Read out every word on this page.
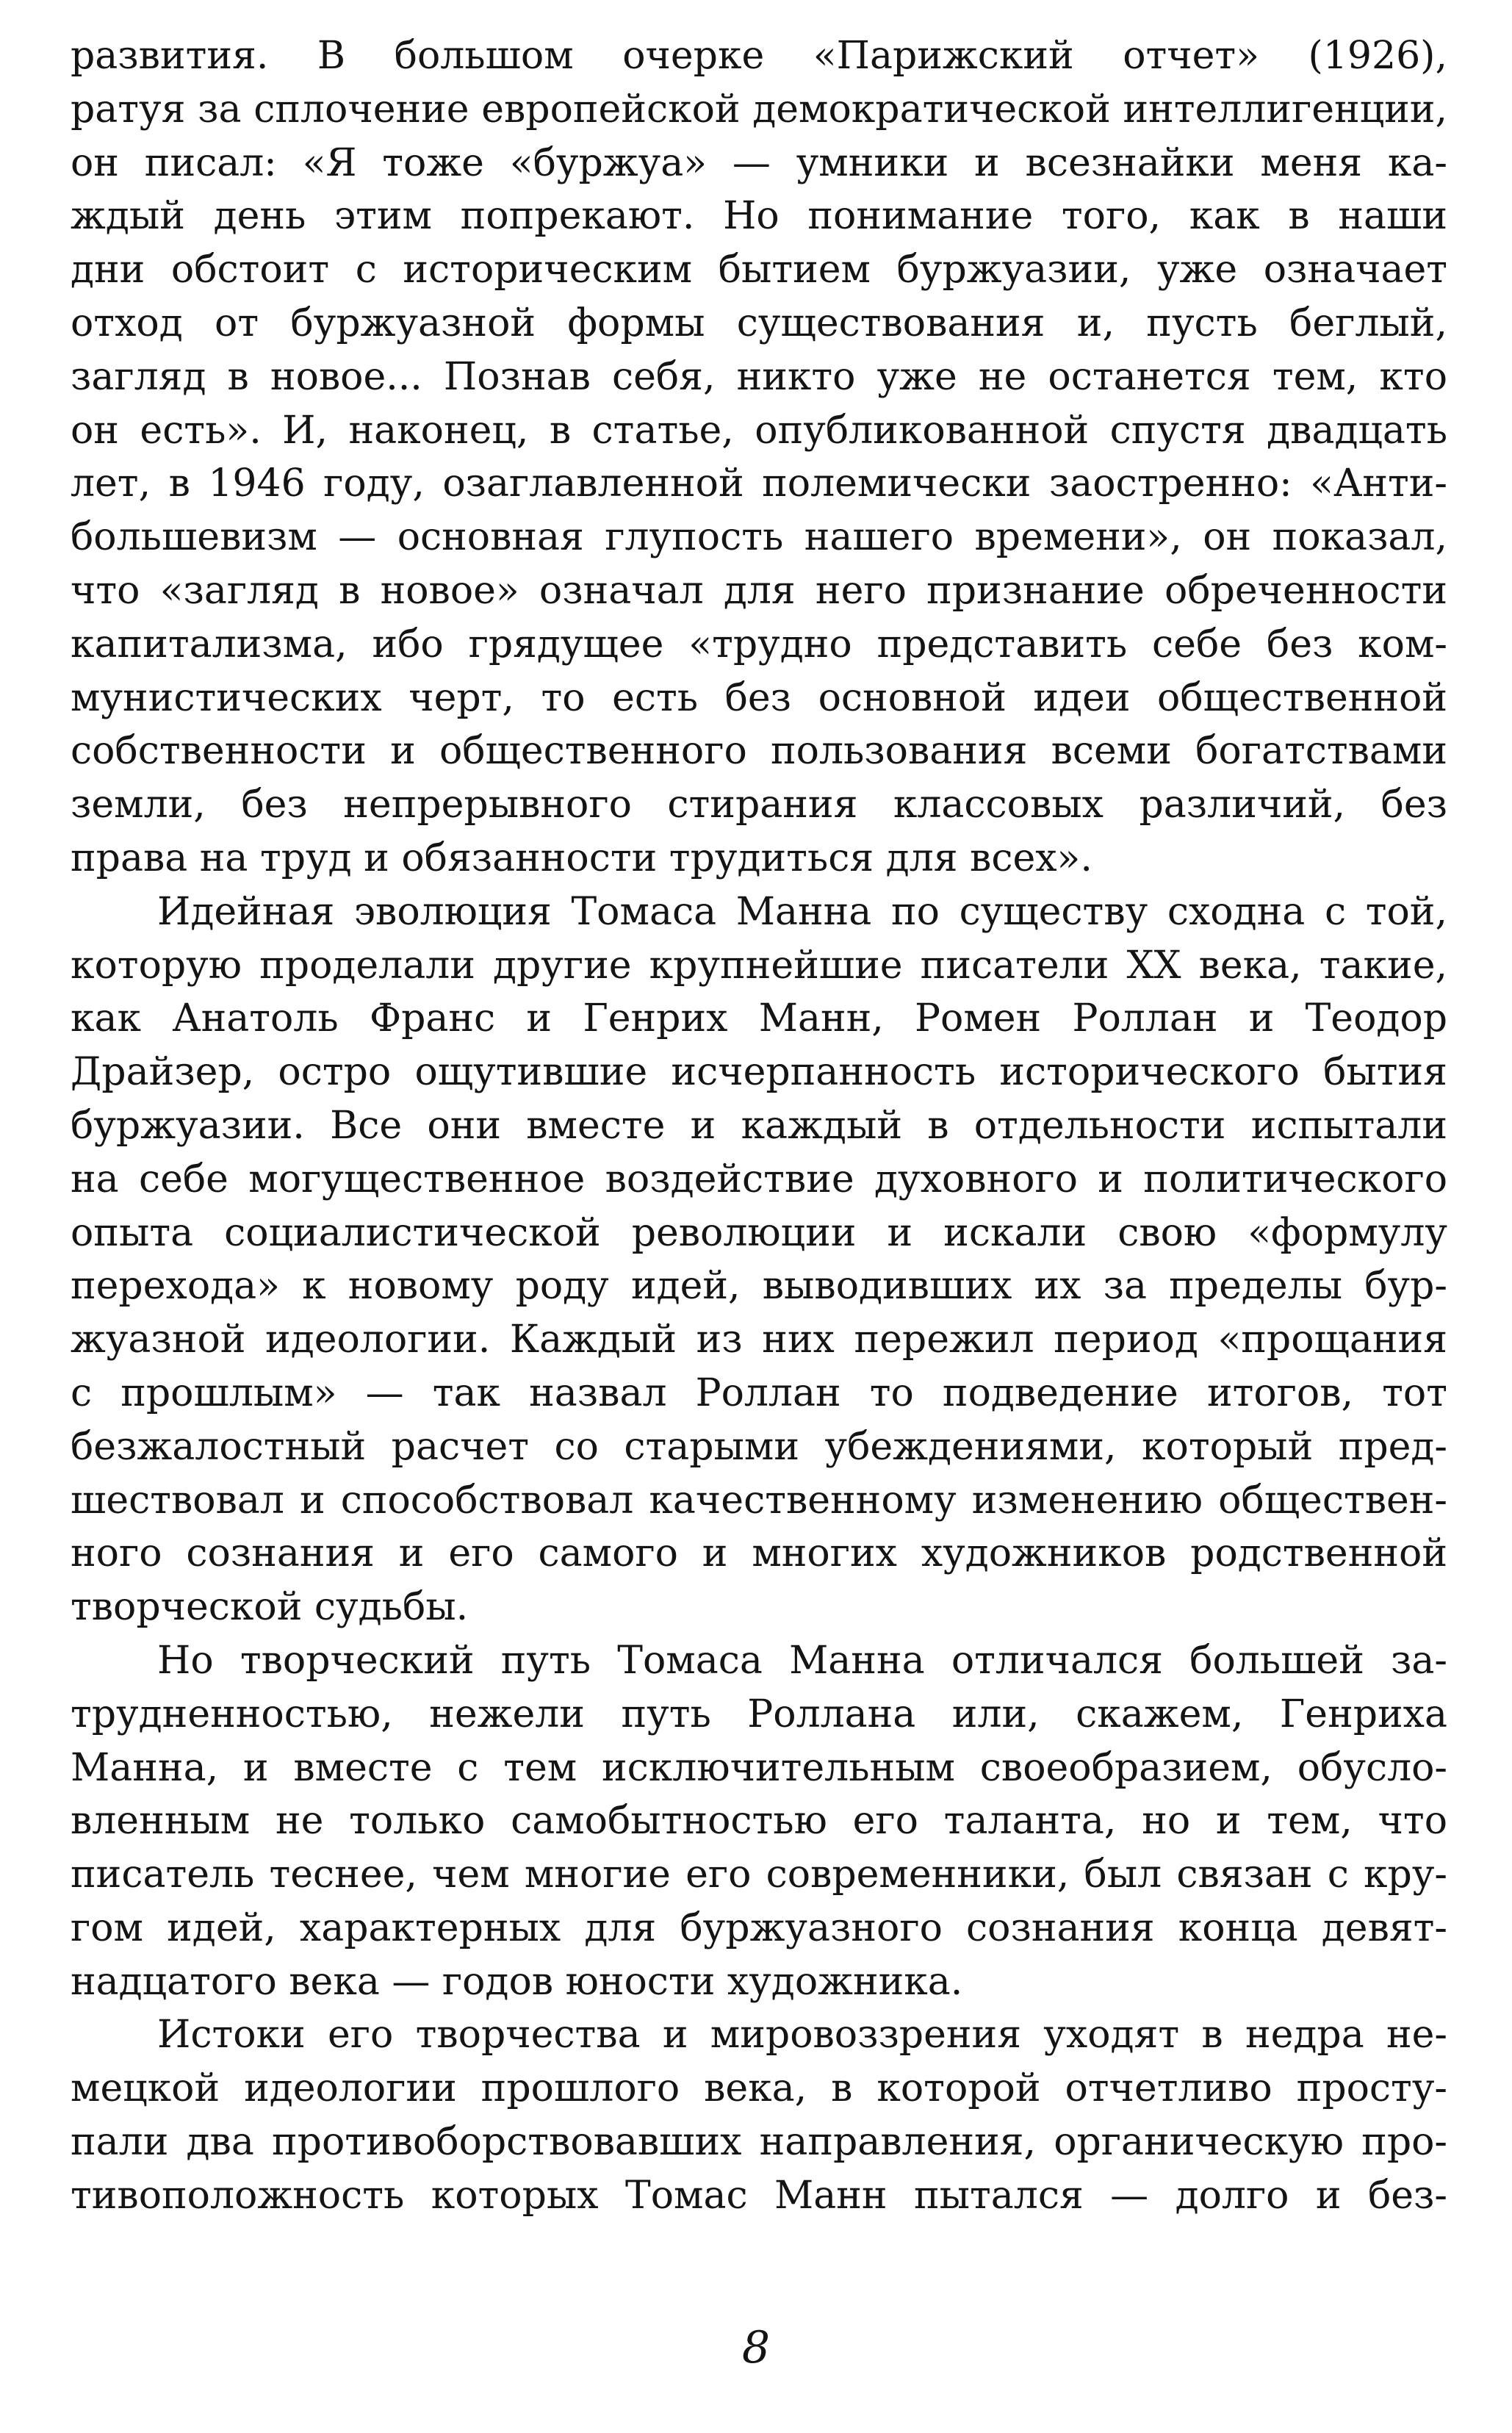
развития. В большом очерке «Парижский отчет» (1926),
ратуя за сплочение европейской демократической интеллигенции,
он писал: «Я тоже «буржуа» — умники и всезнайки меня ка-
ждый день этим попрекают. Но понимание того, как в наши
дни обстоит с историческим бытием буржуазии, уже означает
отход от буржуазной формы существования и, пусть беглый,
загляд в новое... Познав себя, никто уже не останется тем, кто
он есть». И, наконец, в статье, опубликованной спустя двадцать
лет, в 1946 году, озаглавленной полемически заостренно: «Анти-
большевизм — основная глупость нашего времени», он показал,
что «загляд в новое» означал для него признание обреченности
капитализма, ибо грядущее «трудно представить себе без ком-
мунистических черт, то есть без основной идеи общественной
собственности и общественного пользования всеми богатствами
земли, без непрерывного стирания классовых различий, без
права на труд и обязанности трудиться для всех».
Идейная эволюция Томаса Манна по существу сходна с той,
которую проделали другие крупнейшие писатели XX века, такие,
как Анатоль Франс и Генрих Манн, Ромен Роллан и Теодор
Драйзер, остро ощутившие исчерпанность исторического бытия
буржуазии. Все они вместе и каждый в отдельности испытали
на себе могущественное воздействие духовного и политического
опыта социалистической революции и искали свою «формулу
перехода» к новому роду идей, выводивших их за пределы бур-
жуазной идеологии. Каждый из них пережил период «прощания
с прошлым» — так назвал Роллан то подведение итогов, тот
безжалостный расчет со старыми убеждениями, который пред-
шествовал и способствовал качественному изменению обществен-
ного сознания и его самого и многих художников родственной
творческой судьбы.
Но творческий путь Томаса Манна отличался большей за-
трудненностью, нежели путь Роллана или, скажем, Генриха
Манна, и вместе с тем исключительным своеобразием, обусло-
вленным не только самобытностью его таланта, но и тем, что
писатель теснее, чем многие его современники, был связан с кру-
гом идей, характерных для буржуазного сознания конца девят-
надцатого века — годов юности художника.
Истоки его творчества и мировоззрения уходят в недра не-
мецкой идеологии прошлого века, в которой отчетливо просту-
пали два противоборствовавших направления, органическую про-
тивоположность которых Томас Манн пытался — долго и без-
8
